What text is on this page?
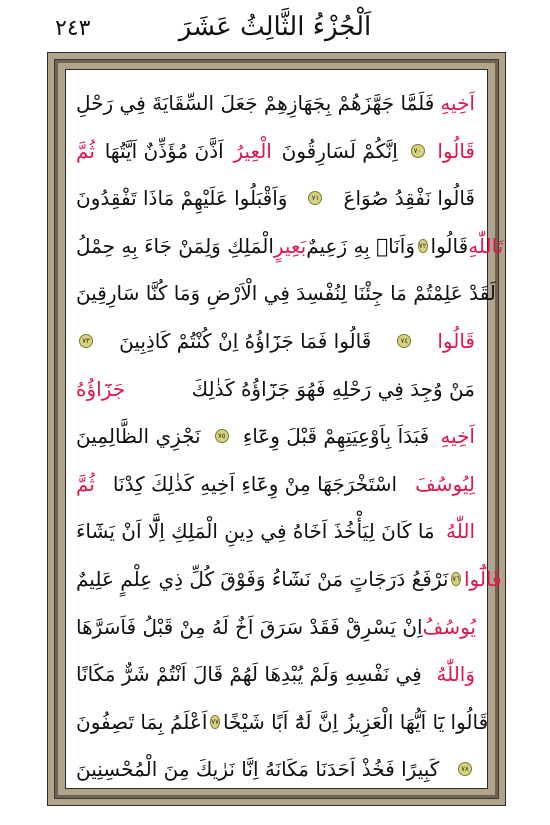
٢٤٣	اَلْجُزْءُ الثَّالِثُ عَشَرَ
فَلَمَّا جَهَّزَهُمْ بِجَهَازِهِمْ جَعَلَ السِّقَايَةَ فِي رَحْلِ اَخِيهِ
ثُمَّ اَذَّنَ مُؤَذِّنٌ اَيَّتُهَا الْعِيرُ اِنَّكُمْ لَسَارِقُونَ	٧٠ قَالُوا
وَاَقْبَلُوا عَلَيْهِمْ مَاذَا تَفْقِدُونَ	٧١ قَالُوا نَفْقِدُ صُوَاعَ
الْمَلِكِ وَلِمَنْ جَاءَ بِهِ حِمْلُ بَعِيرٍ وَاَنَا۬ بِهِ زَعِيمٌ ٧٢ قَالُوا تَاللّٰهِ
لَقَدْ عَلِمْتُمْ مَا جِئْنَا لِنُفْسِدَ فِي الْاَرْضِ وَمَا كُنَّا سَارِقِينَ
٧٣ قَالُوا فَمَا جَزَٓاؤُهُ اِنْ كُنْتُمْ كَاذِبِينَ	٧٤ قَالُوا
جَزَٓاؤُهُ	مَنْ وُجِدَ فِي رَحْلِهِ فَهُوَ جَزَٓاؤُهُ كَذٰلِكَ
نَجْزِي الظَّالِمِينَ	٧٥ فَبَدَاَ بِاَوْعِيَتِهِمْ قَبْلَ وِعَٓاءِ اَخِيهِ
ثُمَّ اسْتَخْرَجَهَا مِنْ وِعَٓاءِ اَخِيهِ كَذٰلِكَ كِدْنَا لِيُوسُفَ
مَا كَانَ لِيَأْخُذَ اَخَاهُ فِي دِينِ الْمَلِكِ اِلَّٓا اَنْ يَشَٓاءَ اللّٰهُ
نَرْفَعُ دَرَجَاتٍ مَنْ نَشَٓاءُ وَفَوْقَ كُلِّ ذِي عِلْمٍ عَلِيمٌ ٧٦ قَالُٓوا
اِنْ يَسْرِقْ فَقَدْ سَرَقَ اَخٌ لَهُ مِنْ قَبْلُ فَاَسَرَّهَا يُوسُفُ
فِي نَفْسِهِ وَلَمْ يُبْدِهَا لَهُمْ قَالَ اَنْتُمْ شَرٌّ مَكَانًا وَاللّٰهُ
اَعْلَمُ بِمَا تَصِفُونَ ٧٧ قَالُوا يَٓا اَيُّهَا الْعَزِيزُ اِنَّ لَهُٓ اَبًا شَيْخًا
كَبِيرًا فَخُذْ اَحَدَنَا مَكَانَهُ اِنَّا نَرٰيكَ مِنَ الْمُحْسِنِينَ	٧٨
